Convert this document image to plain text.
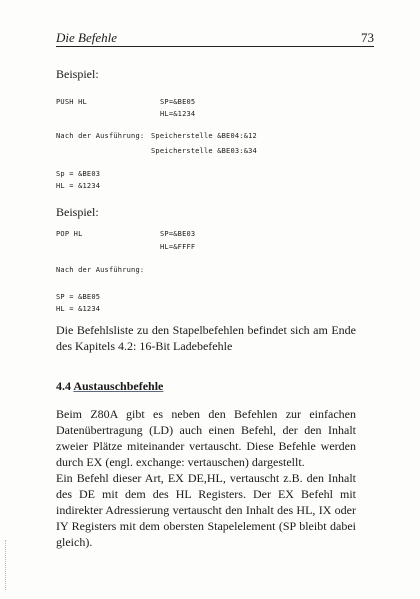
Die Befehle	73
Beispiel:
PUSH HL	SP=&BE05
HL=&1234
Nach der Ausführung: Speicherstelle &BE04:&12
Speicherstelle &BE03:&34
Sp = &BE03
HL = &1234
Beispiel:
POP HL	SP=&BE03
HL=&FFFF
Nach der Ausführung:
SP = &BE05
HL = &1234
Die Befehlsliste zu den Stapelbefehlen befindet sich am Ende des Kapitels 4.2: 16-Bit Ladebefehle
4.4 Austauschbefehle
Beim Z80A gibt es neben den Befehlen zur einfachen Datenübertragung (LD) auch einen Befehl, der den Inhalt zweier Plätze miteinander vertauscht. Diese Befehle werden durch EX (engl. exchange: vertauschen) dargestellt.
Ein Befehl dieser Art, EX DE,HL, vertauscht z.B. den Inhalt des DE mit dem des HL Registers. Der EX Befehl mit indirekter Adressierung vertauscht den Inhalt des HL, IX oder IY Registers mit dem obersten Stapelelement (SP bleibt dabei gleich).
